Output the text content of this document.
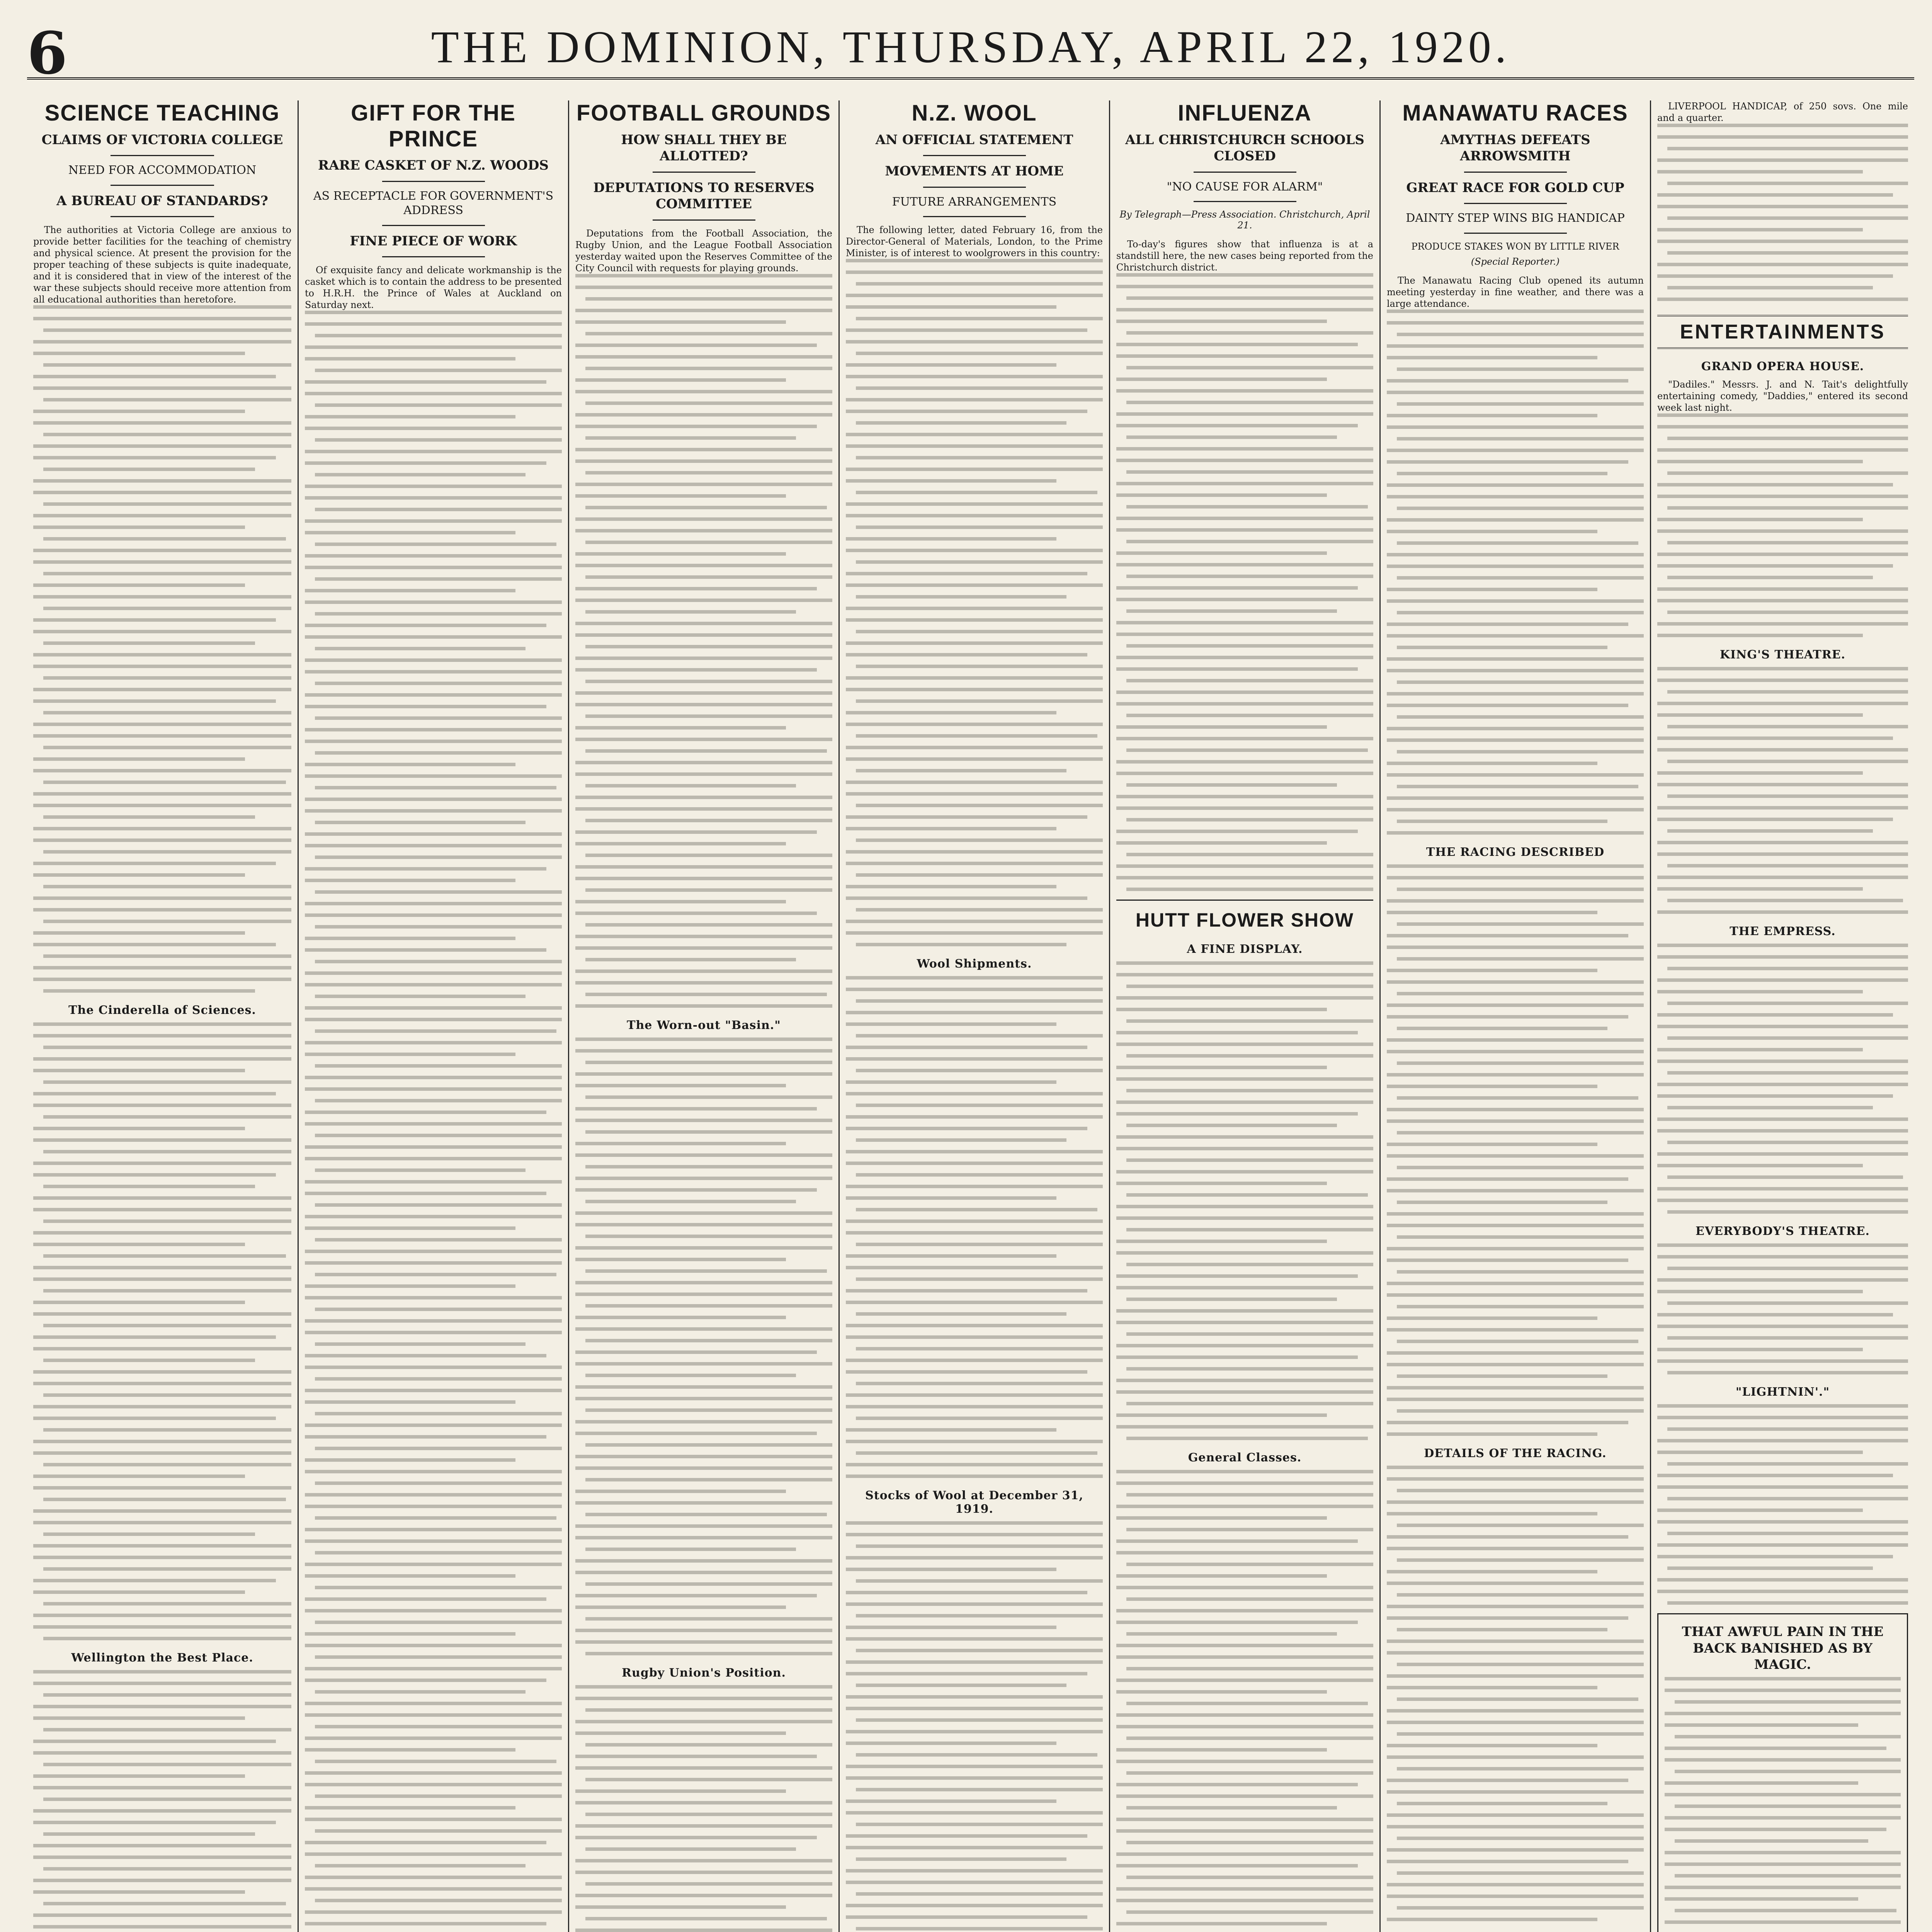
6	THE DOMINION, THURSDAY, APRIL 22, 1920.
SCIENCE TEACHING
CLAIMS OF VICTORIA COLLEGE
NEED FOR ACCOMMODATION
A BUREAU OF STANDARDS?

The authorities at Victoria College are anxious to provide better facilities for the teaching of chemistry and physical science. At present the provision for the proper teaching of these subjects is quite inadequate, and it is considered that in view of the interest of the war these subjects should receive more attention from all educational authorities than heretofore.

The Cinderella of Sciences.
Wellington the Best Place.
GIFT FOR THE PRINCE
RARE CASKET OF N.Z. WOODS
AS RECEPTACLE FOR GOVERNMENT'S ADDRESS
FINE PIECE OF WORK

Of exquisite fancy and delicate workmanship is the casket which is to contain the address to be presented to H.R.H. the Prince of Wales at Auckland on Saturday next.

FOOTBALL GROUNDS
HOW SHALL THEY BE ALLOTTED?
DEPUTATIONS TO RESERVES COMMITTEE

Deputations from the Football Association, the Rugby Union, and the League Football Association yesterday waited upon the Reserves Committee of the City Council with requests for playing grounds.

The Worn-out "Basin."
Rugby Union's Position.
N.Z. WOOL
AN OFFICIAL STATEMENT
MOVEMENTS AT HOME
FUTURE ARRANGEMENTS

The following letter, dated February 16, from the Director-General of Materials, London, to the Prime Minister, is of interest to woolgrowers in this country:

Wool Shipments.
Stocks of Wool at December 31, 1919.
INFLUENZA
ALL CHRISTCHURCH SCHOOLS CLOSED
"NO CAUSE FOR ALARM"
By Telegraph—Press Association. Christchurch, April 21.

To-day's figures show that influenza is at a standstill here, the new cases being reported from the Christchurch district.

HUTT FLOWER SHOW
A FINE DISPLAY.
General Classes.
MANAWATU RACES
AMYTHAS DEFEATS ARROWSMITH
GREAT RACE FOR GOLD CUP
DAINTY STEP WINS BIG HANDICAP
PRODUCE STAKES WON BY LITTLE RIVER
(Special Reporter.)

The Manawatu Racing Club opened its autumn meeting yesterday in fine weather, and there was a large attendance.

THE RACING DESCRIBED
DETAILS OF THE RACING.

LIVERPOOL HANDICAP, of 250 sovs. One mile and a quarter.

ENTERTAINMENTS
GRAND OPERA HOUSE.

"Dadiles." Messrs. J. and N. Tait's delightfully entertaining comedy, "Daddies," entered its second week last night.

KING'S THEATRE.
THE EMPRESS.
EVERYBODY'S THEATRE.
"LIGHTNIN'."
THAT AWFUL PAIN IN THE BACK BANISHED AS BY MAGIC.
